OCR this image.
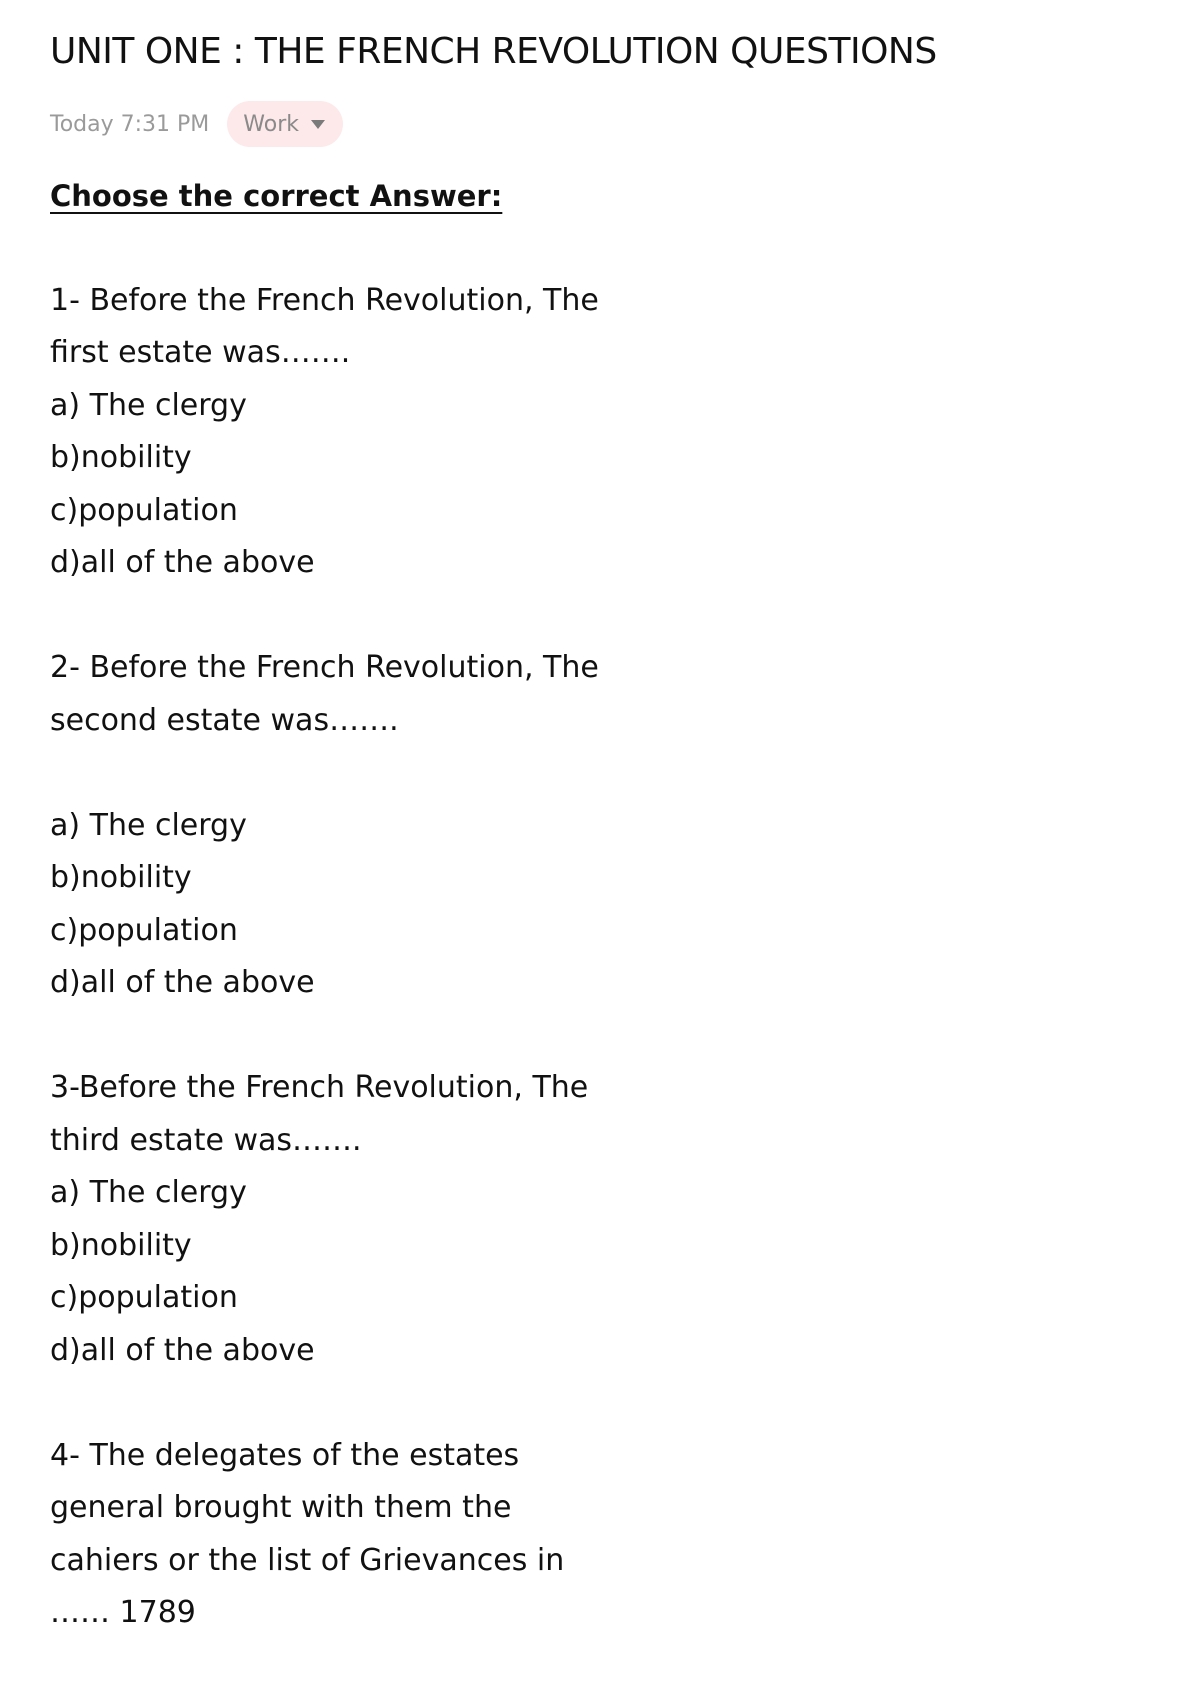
UNIT ONE : THE FRENCH REVOLUTION QUESTIONS
Today 7:31 PM Work
Choose the correct Answer:
1- Before the French Revolution, The
first estate was…….
a) The clergy
b)nobility
c)population
d)all of the above
2- Before the French Revolution, The
second estate was…….
a) The clergy
b)nobility
c)population
d)all of the above
3-Before the French Revolution, The
third estate was…….
a) The clergy
b)nobility
c)population
d)all of the above
4- The delegates of the estates
general brought with them the
cahiers or the list of Grievances in
…… 1789
